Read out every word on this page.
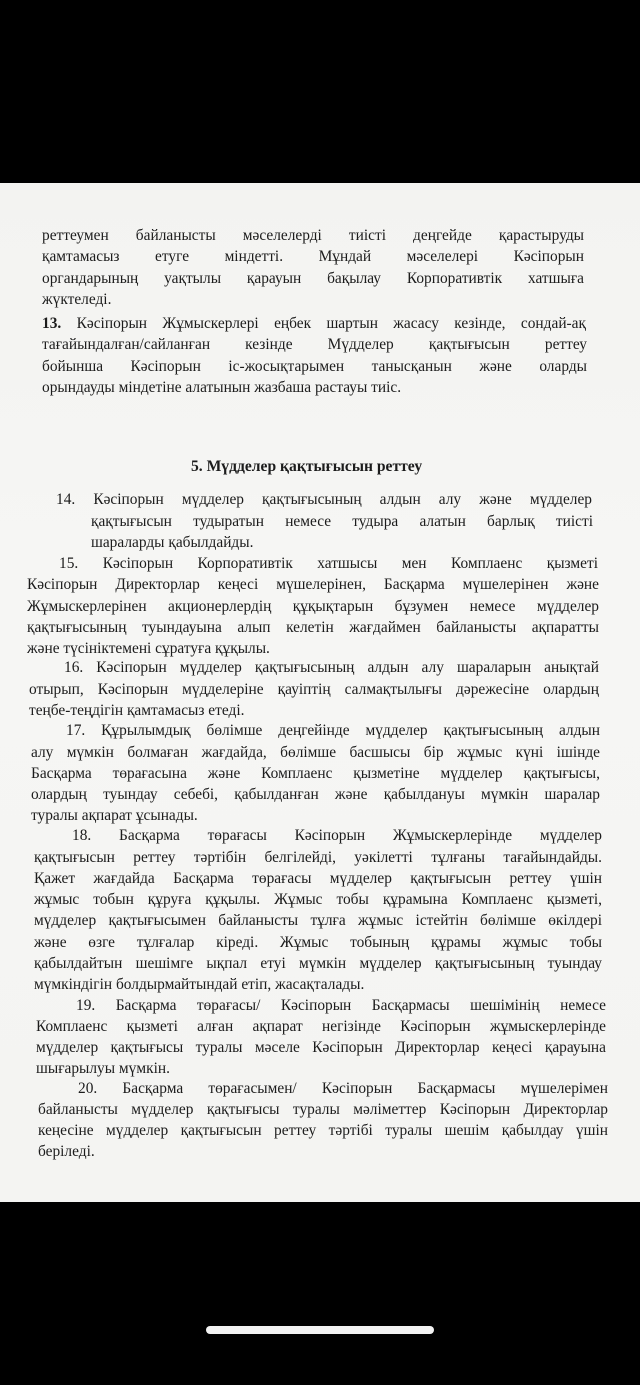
реттеумен байланысты мәселелерді тиісті деңгейде қарастыруды
қамтамасыз етуге міндетті. Мұндай мәселелері Кәсіпорын
органдарының уақтылы қарауын бақылау Корпоративтік хатшыға
жүктеледі.
13. Кәсіпорын Жұмыскерлері еңбек шартын жасасу кезінде, сондай-ақ
тағайындалған/сайланған кезінде Мүдделер қақтығысын реттеу
бойынша Кәсіпорын іс-жосықтарымен танысқанын және оларды
орындауды міндетіне алатынын жазбаша растауы тиіс.
5. Мүдделер қақтығысын реттеу
14. Кәсіпорын мүдделер қақтығысының алдын алу және мүдделер
қақтығысын тудыратын немесе тудыра алатын барлық тиісті
шараларды қабылдайды.
15. Кәсіпорын Корпоративтік хатшысы мен Комплаенс қызметі
Кәсіпорын Директорлар кеңесі мүшелерінен, Басқарма мүшелерінен және
Жұмыскерлерінен акционерлердің құқықтарын бұзумен немесе мүдделер
қақтығысының туындауына алып келетін жағдаймен байланысты ақпаратты
және түсініктемені сұратуға құқылы.
16. Кәсіпорын мүдделер қақтығысының алдын алу шараларын анықтай
отырып, Кәсіпорын мүдделеріне қауіптің салмақтылығы дәрежесіне олардың
теңбе-теңдігін қамтамасыз етеді.
17. Құрылымдық бөлімше деңгейінде мүдделер қақтығысының алдын
алу мүмкін болмаған жағдайда, бөлімше басшысы бір жұмыс күні ішінде
Басқарма төрағасына және Комплаенс қызметіне мүдделер қақтығысы,
олардың туындау себебі, қабылданған және қабылдануы мүмкін шаралар
туралы ақпарат ұсынады.
18. Басқарма төрағасы Кәсіпорын Жұмыскерлерінде мүдделер
қақтығысын реттеу тәртібін белгілейді, уәкілетті тұлғаны тағайындайды.
Қажет жағдайда Басқарма төрағасы мүдделер қақтығысын реттеу үшін
жұмыс тобын құруға құқылы. Жұмыс тобы құрамына Комплаенс қызметі,
мүдделер қақтығысымен байланысты тұлға жұмыс істейтін бөлімше өкілдері
және өзге тұлғалар кіреді. Жұмыс тобының құрамы жұмыс тобы
қабылдайтын шешімге ықпал етуі мүмкін мүдделер қақтығысының туындау
мүмкіндігін болдырмайтындай етіп, жасақталады.
19. Басқарма төрағасы/ Кәсіпорын Басқармасы шешімінің немесе
Комплаенс қызметі алған ақпарат негізінде Кәсіпорын жұмыскерлерінде
мүдделер қақтығысы туралы мәселе Кәсіпорын Директорлар кеңесі қарауына
шығарылуы мүмкін.
20. Басқарма төрағасымен/ Кәсіпорын Басқармасы мүшелерімен
байланысты мүдделер қақтығысы туралы мәліметтер Кәсіпорын Директорлар
кеңесіне мүдделер қақтығысын реттеу тәртібі туралы шешім қабылдау үшін
беріледі.
